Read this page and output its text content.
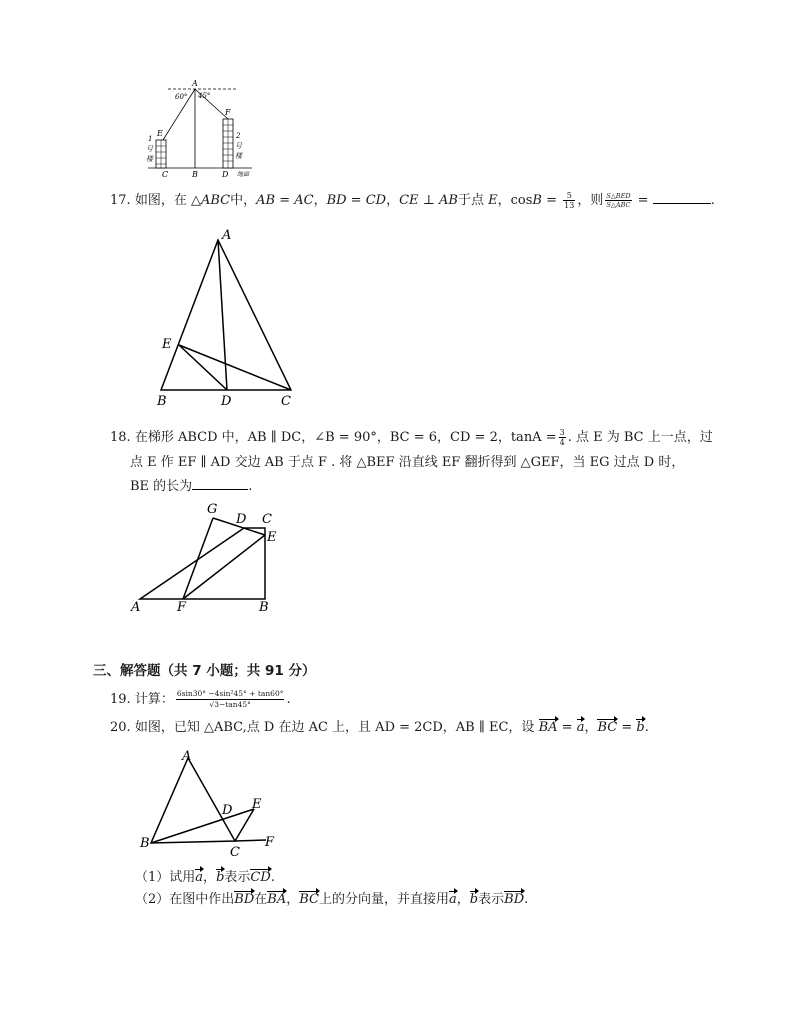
A
60° 45°
E
F
C	B	D 地面
1
号
楼
2
号
楼
17. 如图，在 △ABC中，AB = AC，BD = CD，CE ⊥ AB于点 E，$\cos B = \frac{5}{13}$ ，则 $\frac{\text{S△BED}}{\text{S△ABC}}$ =	.
A
E
B	D	C
18. 在梯形 ABCD 中，AB ∥ DC，∠B = 90°，BC = 6，CD = 2，$\tan A = \frac{3}{4}$ . 点 E 为 BC 上一点，过
点 E 作 EF ∥ AD 交边 AB 于点 F . 将 △BEF 沿直线 EF 翻折得到 △GEF，当 EG 过点 D 时，
BE 的长为	.
G
D C
E
A	F	B
三、解答题（共 7 小题；共 91 分）
19. 计算： $\frac{\text{6sin30° −4sin²45° + tan60°}}{√3-\tan 45^\circ}$ .
20. 如图，已知 △ABC,点 D 在边 AC 上，且 AD = 2CD，AB ∥ EC，设 BA = a，BC = b.
A
D E
B	F
C
（1）试用a，b表示CD.
（2）在图中作出BD在BA，BC上的分向量，并直接用a，b表示BD.
